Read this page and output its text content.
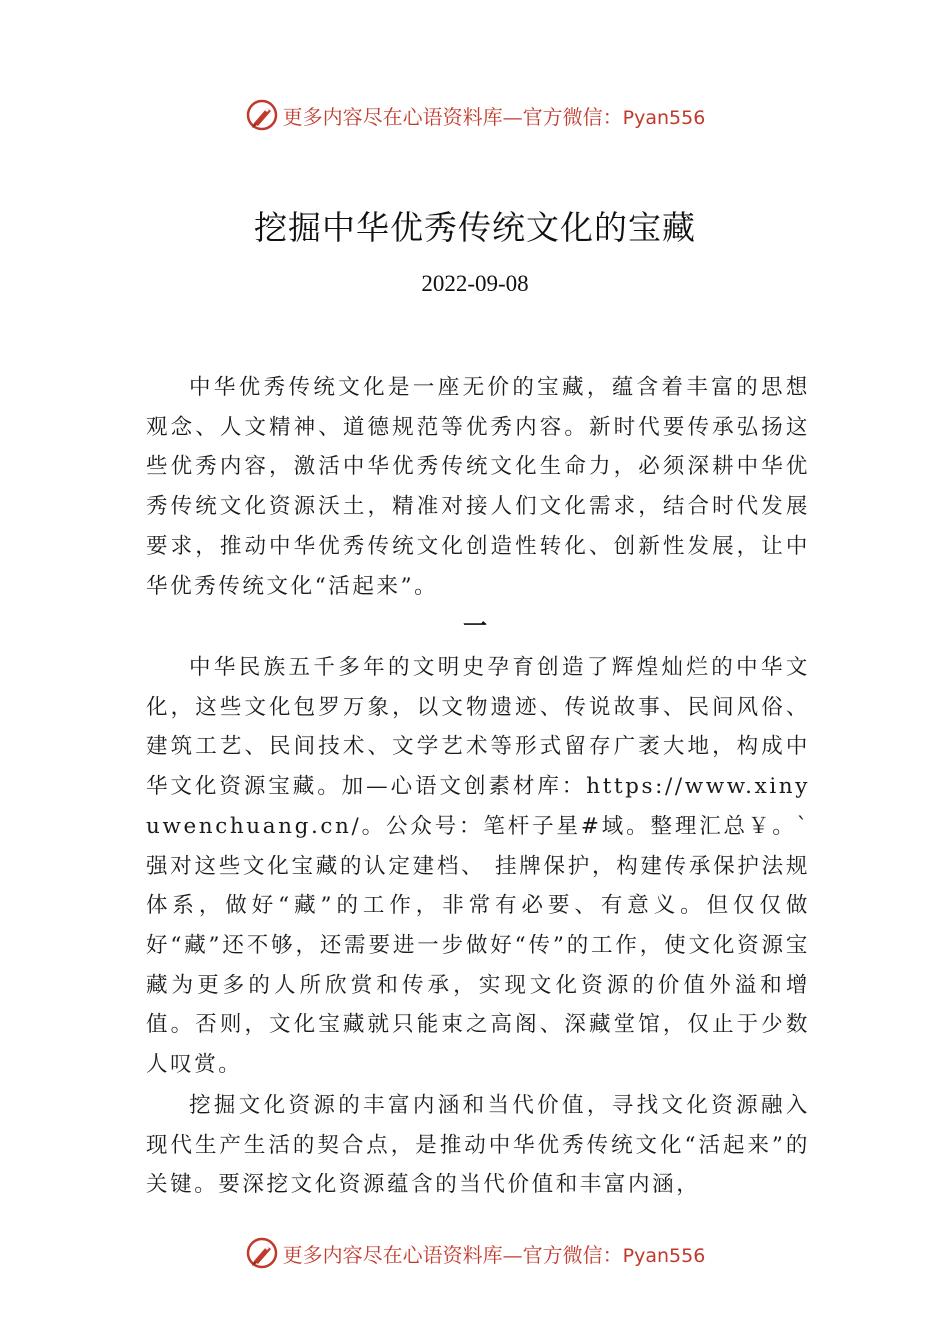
更多内容尽在心语资料库—官方微信：Pyan556
挖掘中华优秀传统文化的宝藏
2022-09-08

中华优秀传统文化是一座无价的宝藏，蕴含着丰富的思想观念、人文精神、道德规范等优秀内容。新时代要传承弘扬这些优秀内容，激活中华优秀传统文化生命力，必须深耕中华优秀传统文化资源沃土，精准对接人们文化需求，结合时代发展要求，推动中华优秀传统文化创造性转化、创新性发展，让中华优秀传统文化“活起来”。

一

中华民族五千多年的文明史孕育创造了辉煌灿烂的中华文化，这些文化包罗万象，以文物遗迹、传说故事、民间风俗、建筑工艺、民间技术、文学艺术等形式留存广袤大地，构成中华文化资源宝藏。加—心语文创素材库：https://www.xinyuwenchuang.cn/。公众号：笔杆子星#域。整理汇总￥。`强对这些文化宝藏的认定建档、 挂牌保护，构建传承保护法规体系，做好“藏”的工作，非常有必要、有意义。但仅仅做好“藏”还不够，还需要进一步做好“传”的工作，使文化资源宝藏为更多的人所欣赏和传承，实现文化资源的价值外溢和增值。否则，文化宝藏就只能束之高阁、深藏堂馆，仅止于少数人叹赏。

挖掘文化资源的丰富内涵和当代价值，寻找文化资源融入现代生产生活的契合点，是推动中华优秀传统文化“活起来”的关键。要深挖文化资源蕴含的当代价值和丰富内涵，

更多内容尽在心语资料库—官方微信：Pyan556
